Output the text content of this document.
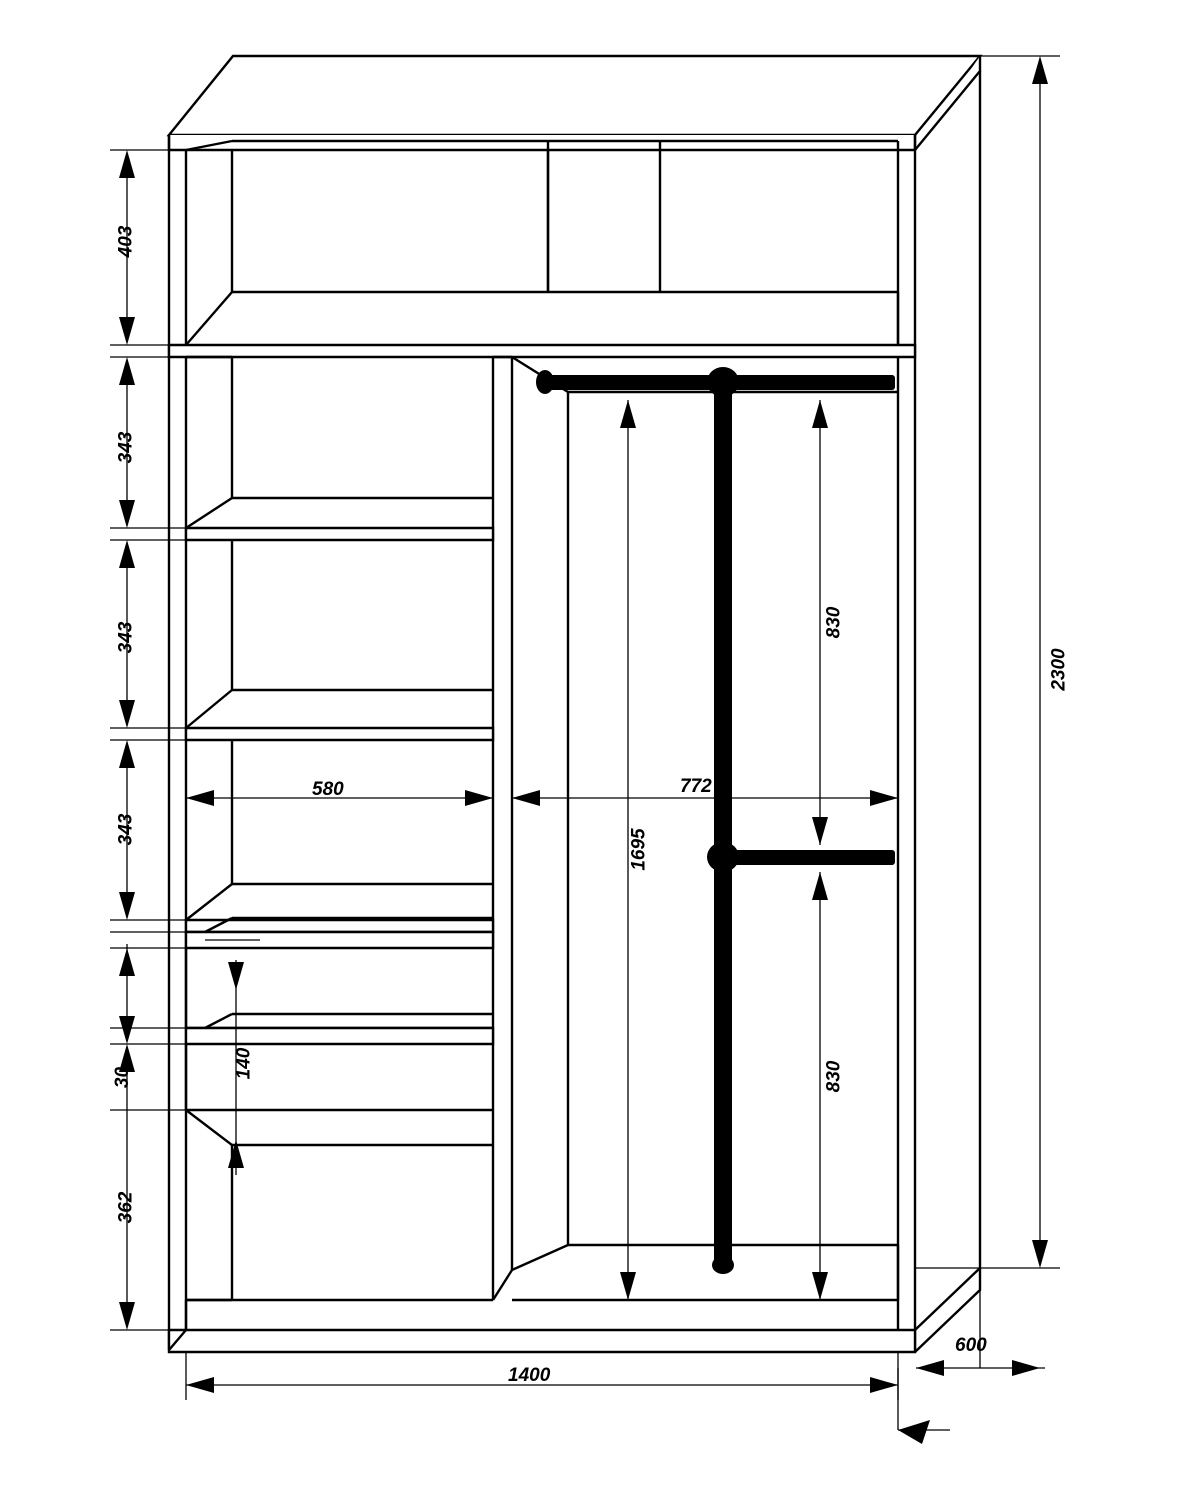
2300
403
343
343
343
30	140
362
580	772
830
830
1695
1400
600
